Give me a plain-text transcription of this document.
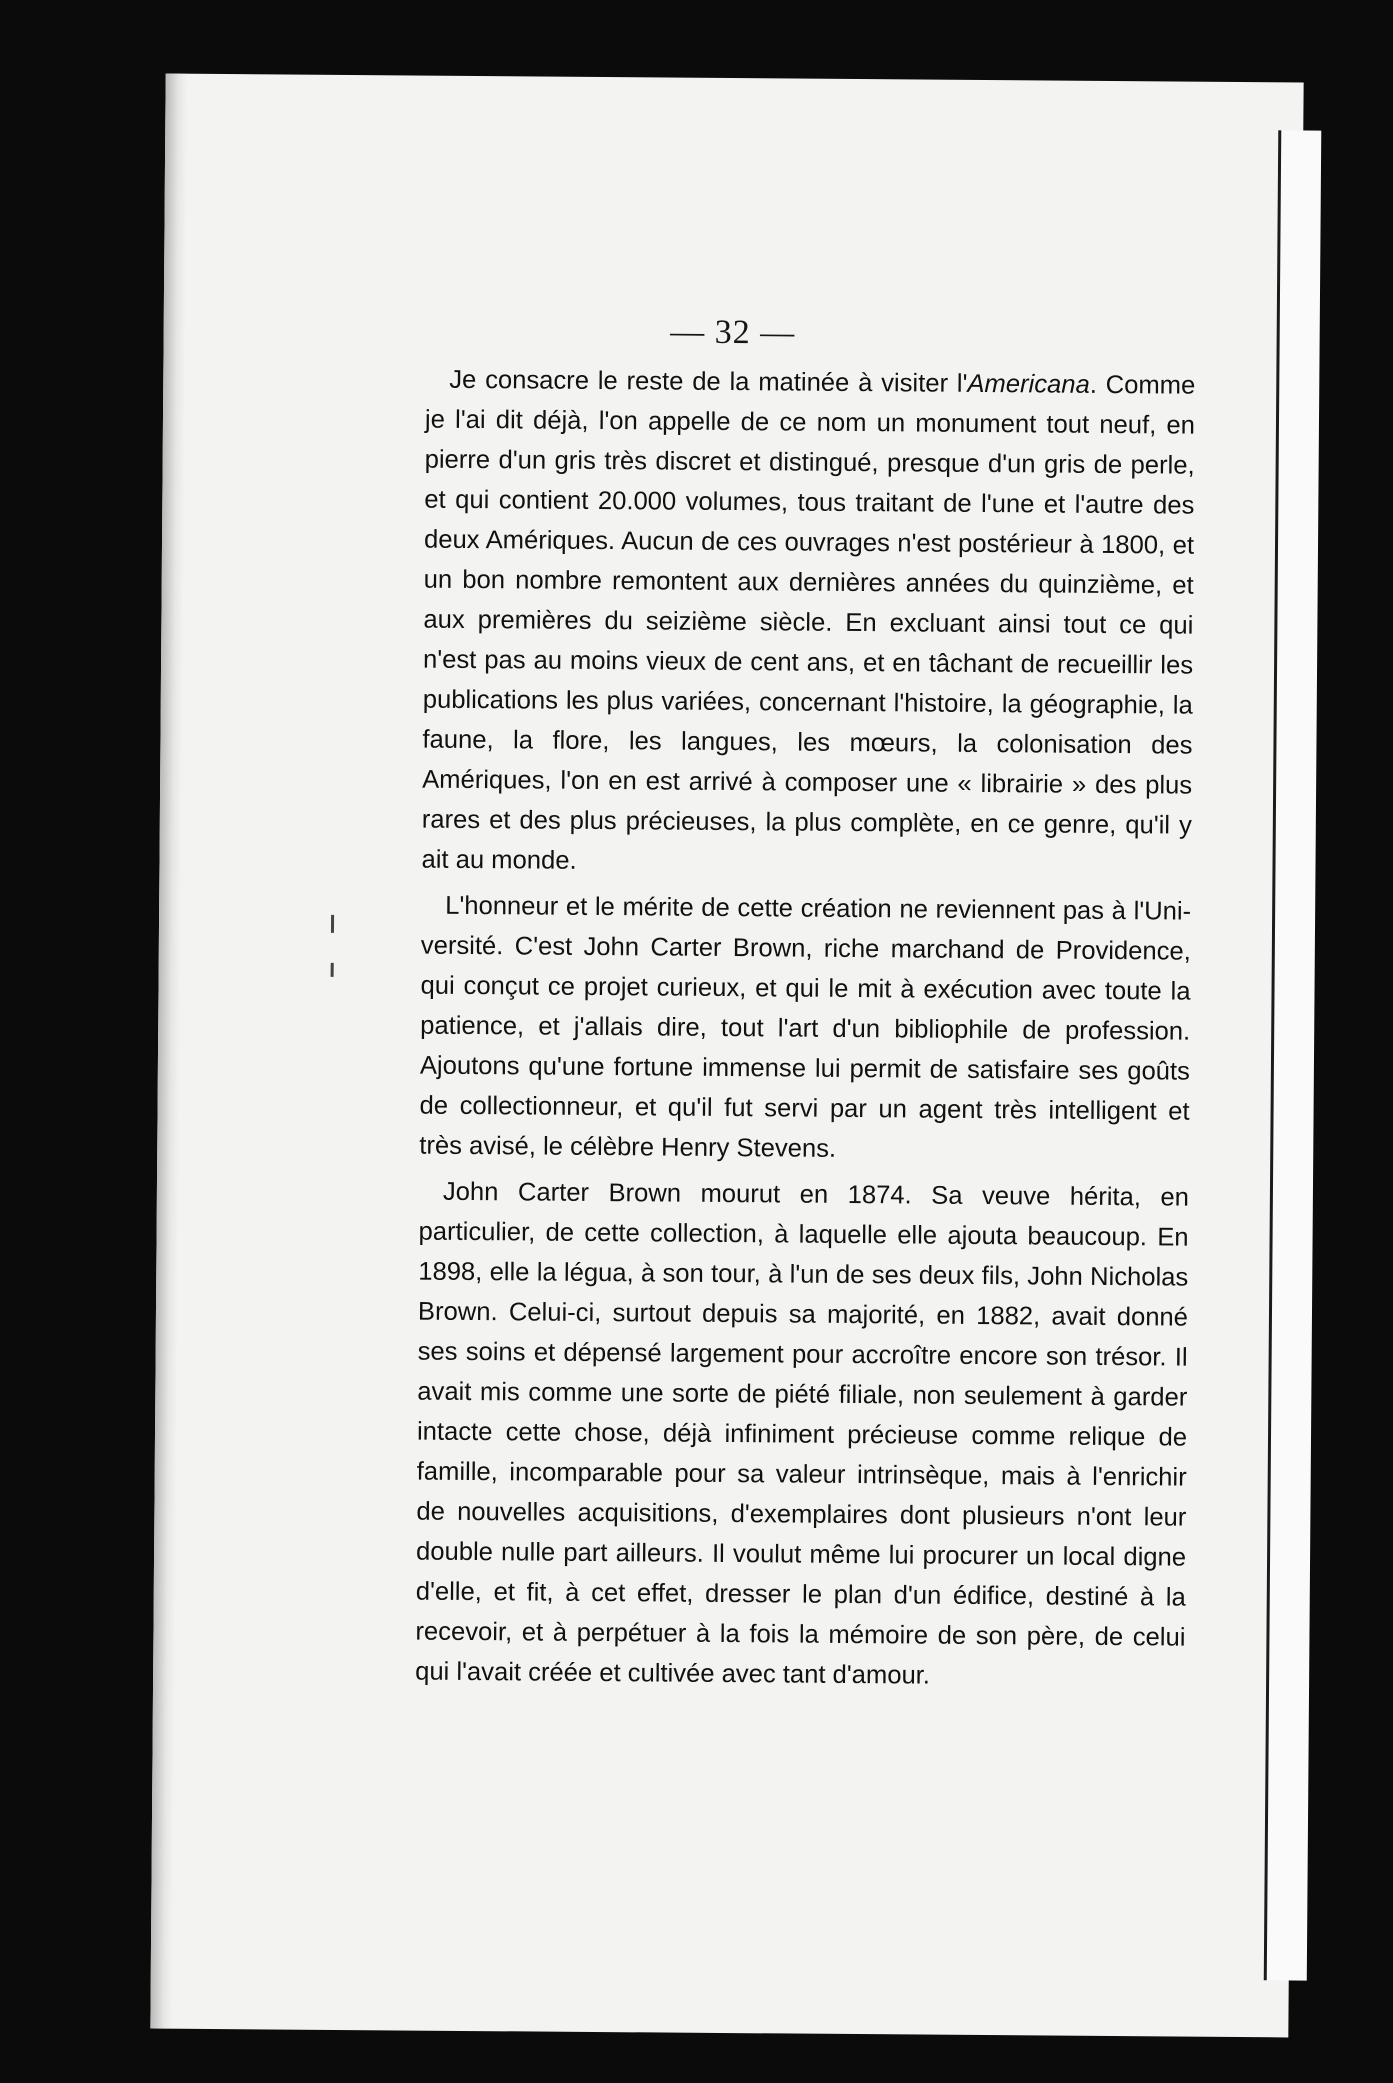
— 32 —

Je consacre le reste de la matinée à visiter l'Americana. Comme je l'ai dit déjà, l'on appelle de ce nom un monument tout neuf, en pierre d'un gris très discret et distingué, presque d'un gris de perle, et qui contient 20.000 volumes, tous traitant de l'une et l'autre des deux Amériques. Aucun de ces ouvrages n'est postérieur à 1800, et un bon nombre remontent aux dernières années du quinzième, et aux premières du seizième siècle. En excluant ainsi tout ce qui n'est pas au moins vieux de cent ans, et en tâchant de recueillir les publications les plus variées, concernant l'histoire, la géographie, la faune, la flore, les langues, les mœurs, la colonisation des Amériques, l'on en est arrivé à composer une « librairie » des plus rares et des plus précieuses, la plus complète, en ce genre, qu'il y ait au monde.

L'honneur et le mérite de cette création ne reviennent pas à l'Université. C'est John Carter Brown, riche marchand de Providence, qui conçut ce projet curieux, et qui le mit à exécution avec toute la patience, et j'allais dire, tout l'art d'un bibliophile de profession. Ajoutons qu'une fortune immense lui permit de satisfaire ses goûts de collectionneur, et qu'il fut servi par un agent très intelligent et très avisé, le célèbre Henry Stevens.

John Carter Brown mourut en 1874. Sa veuve hérita, en particulier, de cette collection, à laquelle elle ajouta beaucoup. En 1898, elle la légua, à son tour, à l'un de ses deux fils, John Nicholas Brown. Celui-ci, surtout depuis sa majorité, en 1882, avait donné ses soins et dépensé largement pour accroître encore son trésor. Il avait mis comme une sorte de piété filiale, non seulement à garder intacte cette chose, déjà infiniment précieuse comme relique de famille, incomparable pour sa valeur intrinsèque, mais à l'enrichir de nouvelles acquisitions, d'exemplaires dont plusieurs n'ont leur double nulle part ailleurs. Il voulut même lui procurer un local digne d'elle, et fit, à cet effet, dresser le plan d'un édifice, destiné à la recevoir, et à perpétuer à la fois la mémoire de son père, de celui qui l'avait créée et cultivée avec tant d'amour.
